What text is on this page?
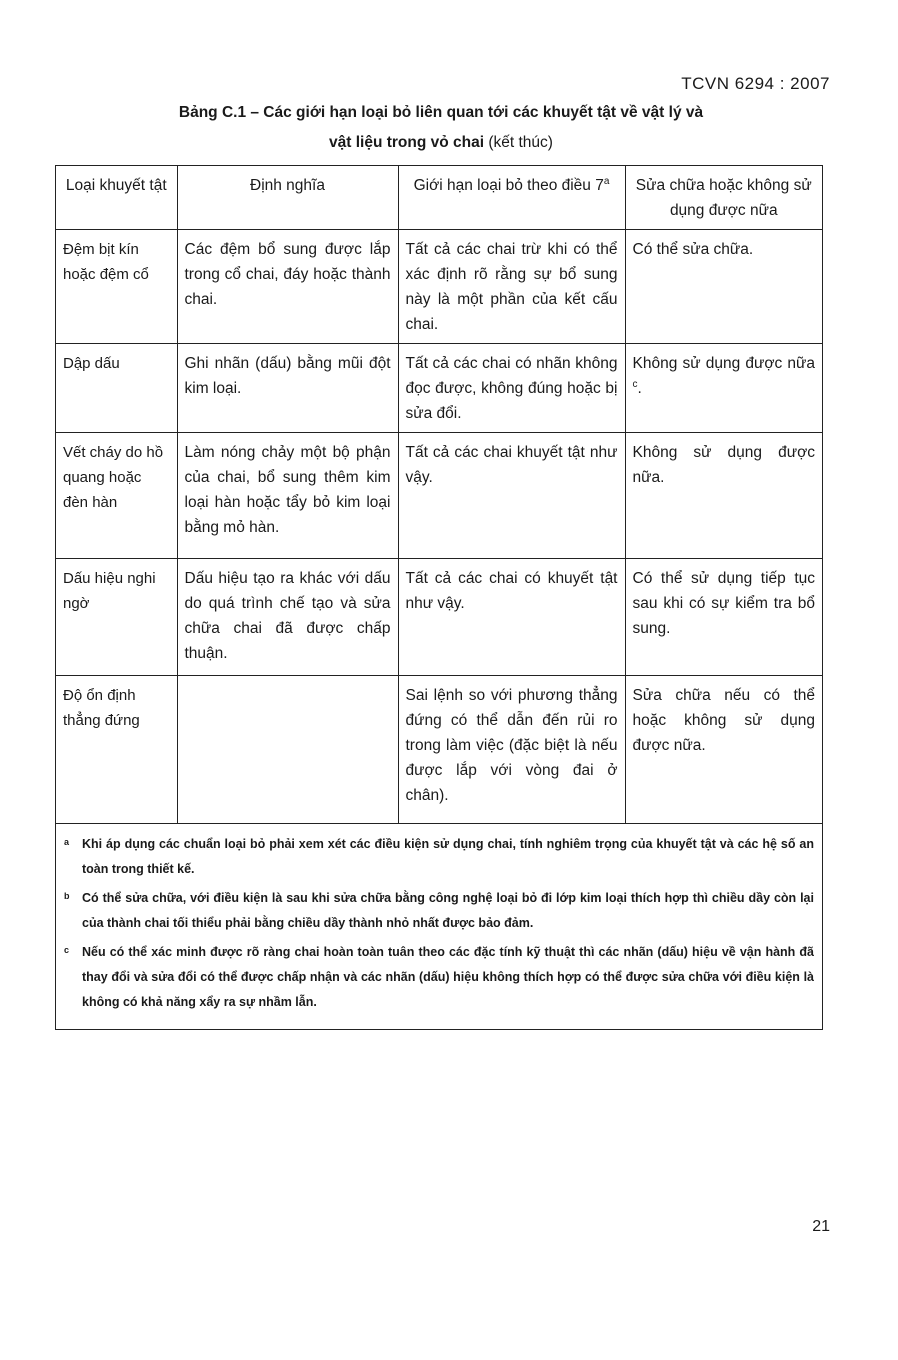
TCVN 6294 : 2007
Bảng C.1 – Các giới hạn loại bỏ liên quan tới các khuyết tật về vật lý và
vật liệu trong vỏ chai (kết thúc)
Loại khuyết tật	Định nghĩa	Giới hạn loại bỏ theo điều 7$^a$	Sửa chữa hoặc không sử dụng được nữa
Đệm bịt kín hoặc đệm cổ	Các đệm bổ sung được lắp trong cổ chai, đáy hoặc thành chai.	Tất cả các chai trừ khi có thể xác định rõ rằng sự bổ sung này là một phần của kết cấu chai.	Có thể sửa chữa.
Dập dấu	Ghi nhãn (dấu) bằng mũi đột kim loại.	Tất cả các chai có nhãn không đọc được, không đúng hoặc bị sửa đổi.	Không sử dụng được nữa $^c$.
Vết cháy do hồ quang hoặc đèn hàn	Làm nóng chảy một bộ phận của chai, bổ sung thêm kim loại hàn hoặc tẩy bỏ kim loại bằng mỏ hàn.	Tất cả các chai khuyết tật như vậy.	Không sử dụng được nữa.
Dấu hiệu nghi ngờ	Dấu hiệu tạo ra khác với dấu do quá trình chế tạo và sửa chữa chai đã được chấp thuận.	Tất cả các chai có khuyết tật như vậy.	Có thể sử dụng tiếp tục sau khi có sự kiểm tra bổ sung.
Độ ổn định thẳng đứng		Sai lệnh so với phương thẳng đứng có thể dẫn đến rủi ro trong làm việc (đặc biệt là nếu được lắp với vòng đai ở chân).	Sửa chữa nếu có thể hoặc không sử dụng được nữa.
a	Khi áp dụng các chuẩn loại bỏ phải xem xét các điều kiện sử dụng chai, tính nghiêm trọng của khuyết tật và các hệ số an toàn trong thiết kế.
b	Có thể sửa chữa, với điều kiện là sau khi sửa chữa bằng công nghệ loại bỏ đi lớp kim loại thích hợp thì chiều dầy còn lại của thành chai tối thiểu phải bằng chiều dầy thành nhỏ nhất được bảo đảm.
c	Nếu có thể xác minh được rõ ràng chai hoàn toàn tuân theo các đặc tính kỹ thuật thì các nhãn (dấu) hiệu về vận hành đã thay đổi và sửa đổi có thể được chấp nhận và các nhãn (dấu) hiệu không thích hợp có thể được sửa chữa với điều kiện là không có khả năng xẩy ra sự nhầm lẫn.
21
